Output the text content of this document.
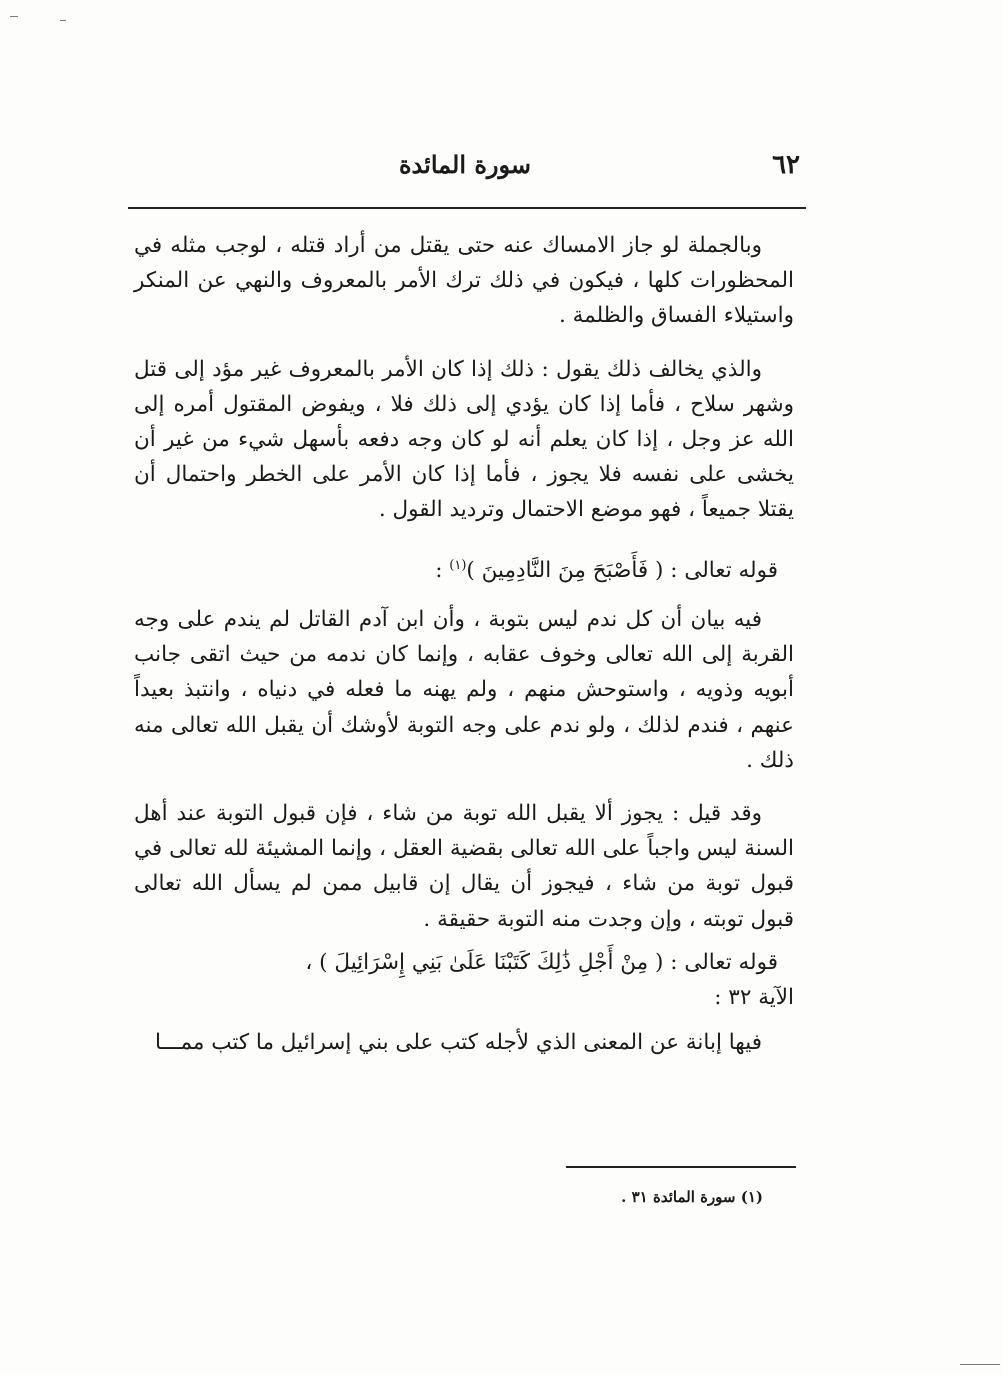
٦٢
سورة المائدة

وبالجملة لو جاز الامساك عنه حتى يقتل من أراد قتله ، لوجب مثله في المحظورات كلها ، فيكون في ذلك ترك الأمر بالمعروف والنهي عن المنكر واستيلاء الفساق والظلمة .

والذي يخالف ذلك يقول : ذلك إذا كان الأمر بالمعروف غير مؤد إلى قتل وشهر سلاح ، فأما إذا كان يؤدي إلى ذلك فلا ، ويفوض المقتول أمره إلى الله عز وجل ، إذا كان يعلم أنه لو كان وجه دفعه بأسهل شيء من غير أن يخشى على نفسه فلا يجوز ، فأما إذا كان الأمر على الخطر واحتمال أن يقتلا جميعاً ، فهو موضع الاحتمال وترديد القول .

قوله تعالى : ( فَأَصْبَحَ مِنَ النَّادِمِينَ )$^{(١)}$ :

فيه بيان أن كل ندم ليس بتوبة ، وأن ابن آدم القاتل لم يندم على وجه القربة إلى الله تعالى وخوف عقابه ، وإنما كان ندمه من حيث اتقى جانب أبويه وذويه ، واستوحش منهم ، ولم يهنه ما فعله في دنياه ، وانتبذ بعيداً عنهم ، فندم لذلك ، ولو ندم على وجه التوبة لأوشك أن يقبل الله تعالى منه ذلك .

وقد قيل : يجوز ألا يقبل الله توبة من شاء ، فإن قبول التوبة عند أهل السنة ليس واجباً على الله تعالى بقضية العقل ، وإنما المشيئة لله تعالى في قبول توبة من شاء ، فيجوز أن يقال إن قابيل ممن لم يسأل الله تعالى قبول توبته ، وإن وجدت منه التوبة حقيقة .

قوله تعالى : ( مِنْ أَجْلِ ذَٰلِكَ كَتَبْنَا عَلَىٰ بَنِي إِسْرَائِيلَ ) ،
الآية ٣٢ :

فيها إبانة عن المعنى الذي لأجله كتب على بني إسرائيل ما كتب ممـــا

(١) سورة المائدة ٣١ .
